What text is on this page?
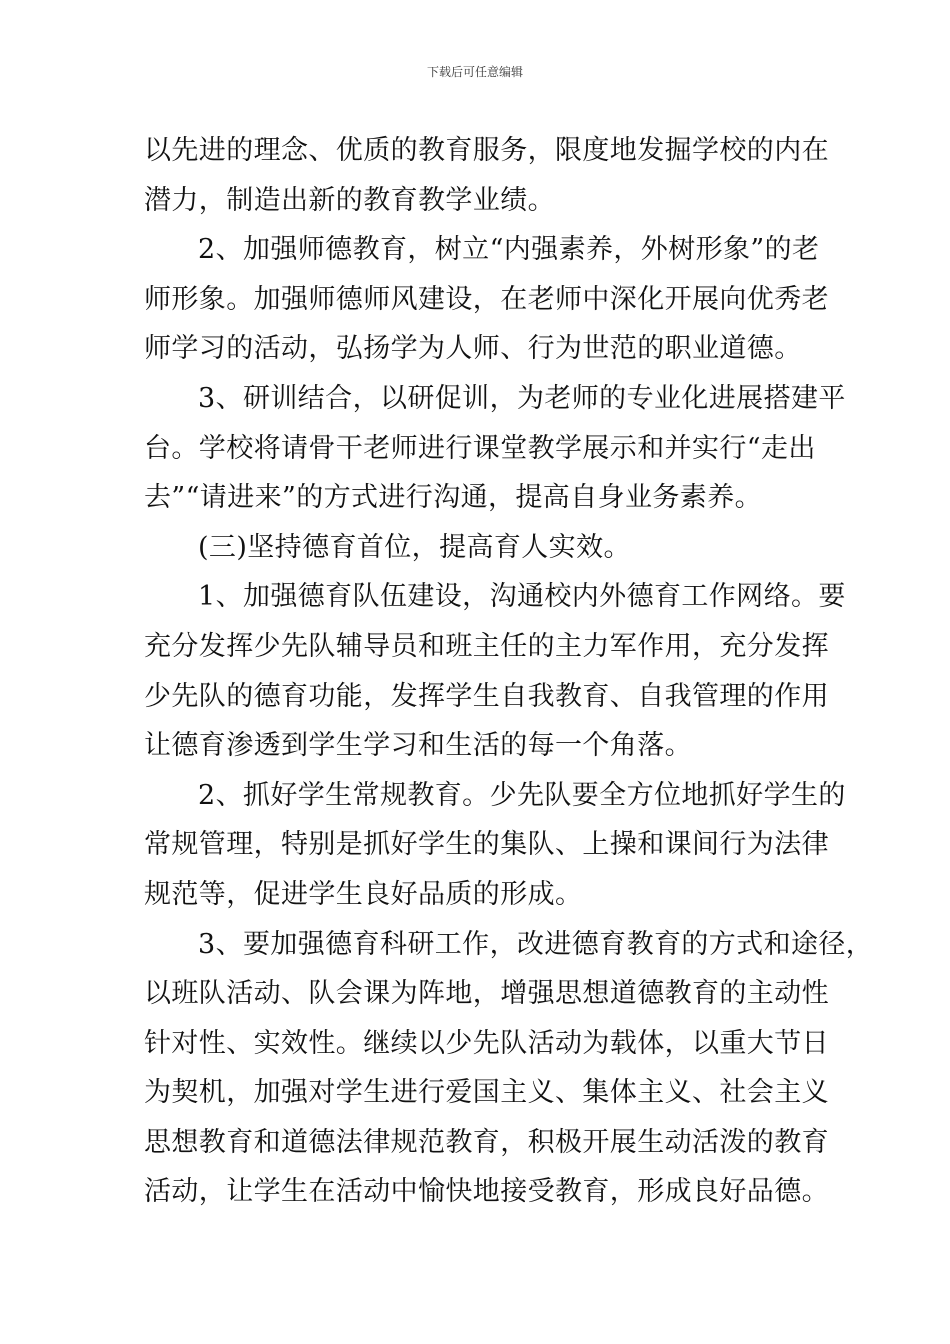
下载后可任意编辑
以先进的理念、优质的教育服务，限度地发掘学校的内在
潜力，制造出新的教育教学业绩。
2、加强师德教育，树立“内强素养，外树形象”的老
师形象。加强师德师风建设，在老师中深化开展向优秀老
师学习的活动，弘扬学为人师、行为世范的职业道德。
3、研训结合，以研促训，为老师的专业化进展搭建平
台。学校将请骨干老师进行课堂教学展示和并实行“走出
去”“请进来”的方式进行沟通，提高自身业务素养。
(三)坚持德育首位，提高育人实效。
1、加强德育队伍建设，沟通校内外德育工作网络。要
充分发挥少先队辅导员和班主任的主力军作用，充分发挥
少先队的德育功能，发挥学生自我教育、自我管理的作用
让德育渗透到学生学习和生活的每一个角落。
2、抓好学生常规教育。少先队要全方位地抓好学生的
常规管理，特别是抓好学生的集队、上操和课间行为法律
规范等，促进学生良好品质的形成。
3、要加强德育科研工作，改进德育教育的方式和途径，
以班队活动、队会课为阵地，增强思想道德教育的主动性
针对性、实效性。继续以少先队活动为载体，以重大节日
为契机，加强对学生进行爱国主义、集体主义、社会主义
思想教育和道德法律规范教育，积极开展生动活泼的教育
活动，让学生在活动中愉快地接受教育，形成良好品德。
